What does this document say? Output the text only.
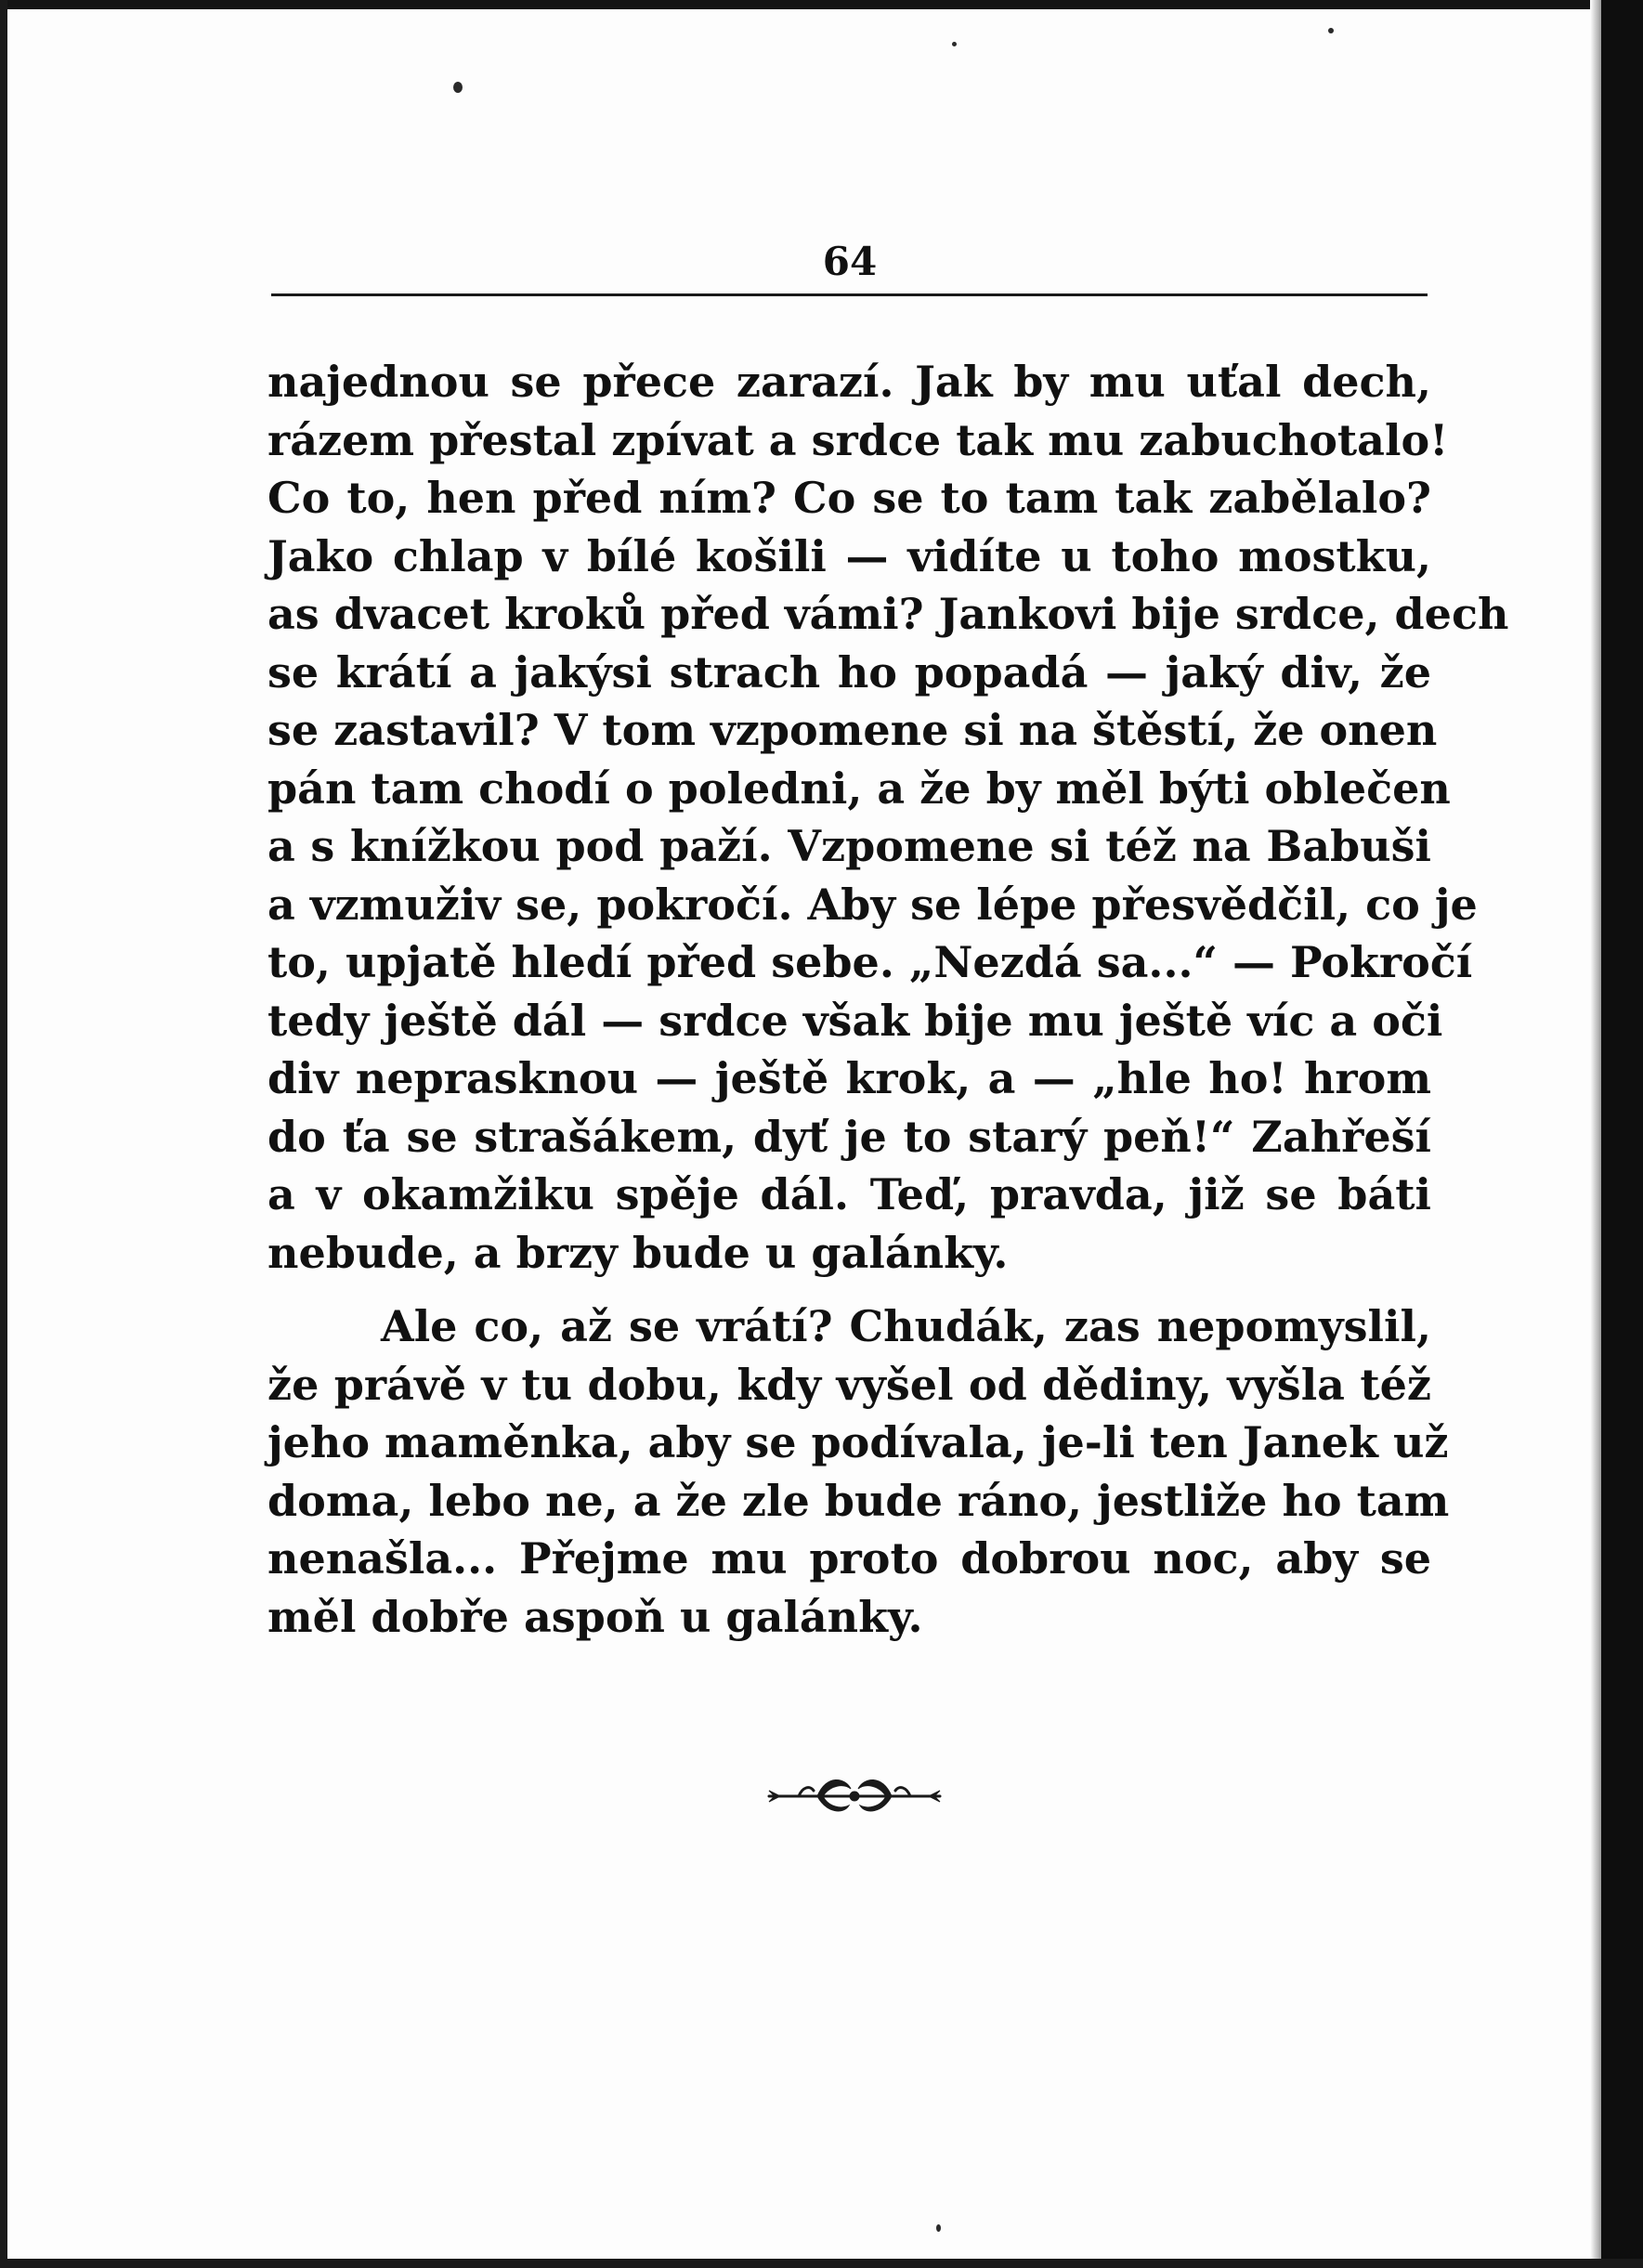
64
najednou se přece zarazí. Jak by mu uťal dech,
rázem přestal zpívat a srdce tak mu zabuchotalo!
Co to, hen před ním? Co se to tam tak zabělalo?
Jako chlap v bílé košili — vidíte u toho mostku,
as dvacet kroků před vámi? Jankovi bije srdce, dech
se krátí a jakýsi strach ho popadá — jaký div, že
se zastavil? V tom vzpomene si na štěstí, že onen
pán tam chodí o poledni, a že by měl býti oblečen
a s knížkou pod paží. Vzpomene si též na Babuši
a vzmuživ se, pokročí. Aby se lépe přesvědčil, co je
to, upjatě hledí před sebe. „Nezdá sa...“ — Pokročí
tedy ještě dál — srdce však bije mu ještě víc a oči
div neprasknou — ještě krok, a — „hle ho! hrom
do ťa se strašákem, dyť je to starý peň!“ Zahřeší
a v okamžiku spěje dál. Teď, pravda, již se báti
nebude, a brzy bude u galánky.
Ale co, až se vrátí? Chudák, zas nepomyslil,
že právě v tu dobu, kdy vyšel od dědiny, vyšla též
jeho maměnka, aby se podívala, je-li ten Janek už
doma, lebo ne, a že zle bude ráno, jestliže ho tam
nenašla... Přejme mu proto dobrou noc, aby se
měl dobře aspoň u galánky.
